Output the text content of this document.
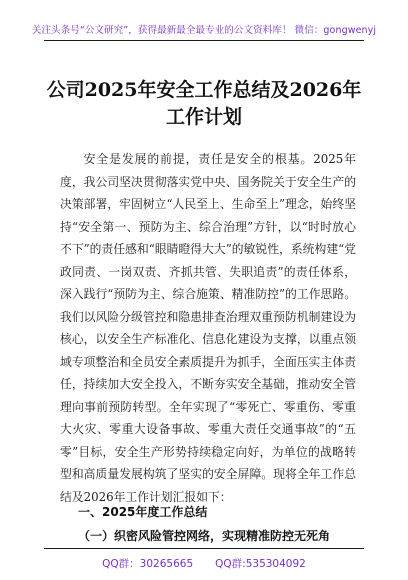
关注头条号“公文研究”，获得最新最全最专业的公文资料库！ 微信：gongwenyj
公司2025年安全工作总结及2026年工作计划

安全是发展的前提，责任是安全的根基。2025年度，我公司坚决贯彻落实党中央、国务院关于安全生产的决策部署，牢固树立“人民至上、生命至上”理念，始终坚持“安全第一、预防为主、综合治理”方针，以“时时放心不下”的责任感和“眼睛瞪得大大”的敏锐性，系统构建“党政同责、一岗双责、齐抓共管、失职追责”的责任体系，深入践行“预防为主、综合施策、精准防控”的工作思路。我们以风险分级管控和隐患排查治理双重预防机制建设为核心，以安全生产标准化、信息化建设为支撑，以重点领域专项整治和全员安全素质提升为抓手，全面压实主体责任，持续加大安全投入，不断夯实安全基础，推动安全管理向事前预防转型。全年实现了“零死亡、零重伤、零重大火灾、零重大设备事故、零重大责任交通事故”的“五零”目标，安全生产形势持续稳定向好，为单位的战略转型和高质量发展构筑了坚实的安全屏障。现将全年工作总结及2026年工作计划汇报如下：

一、2025年度工作总结
（一）织密风险管控网络，实现精准防控无死角
QQ群：30265665 QQ群:535304092
